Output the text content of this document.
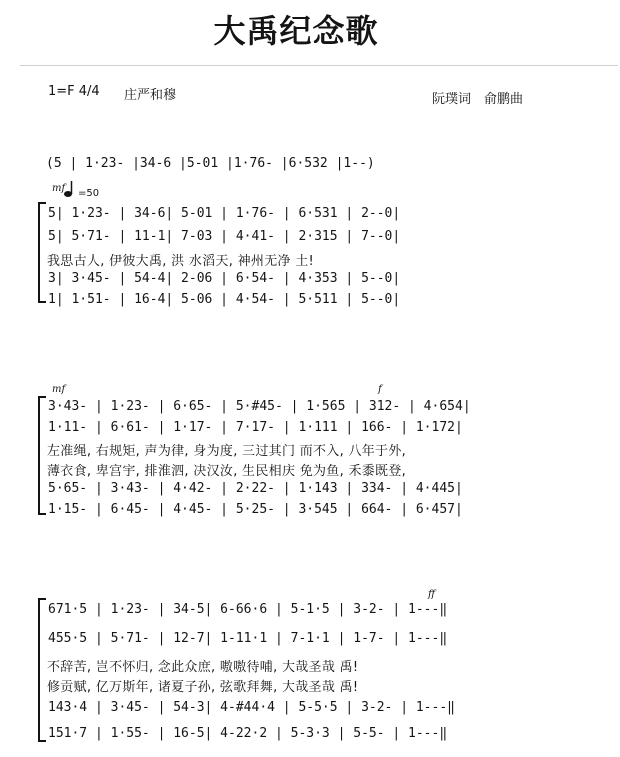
大禹纪念歌
1=F 4/4 庄严和穆	阮璞词　俞鹏曲
=50
(5 | 1·23- |34-6 |5-01 |1·76- |6·532 |1--)
mf
5| 1·23- | 34-6| 5-01 | 1·76- | 6·531 | 2--0|
5| 5·71- | 11-1| 7-03 | 4·41- | 2·315 | 7--0|
我思古人, 伊彼大禹, 洪 水滔天, 神州无净 土!
3| 3·45- | 54-4| 2-06 | 6·54- | 4·353 | 5--0|
1| 1·51- | 16-4| 5-06 | 4·54- | 5·511 | 5--0|
mf	f
3·43- | 1·23- | 6·65- | 5·#45- | 1·565 | 312- | 4·654|
1·11- | 6·61- | 1·17- | 7·17- | 1·111 | 166- | 1·172|
左准绳, 右规矩, 声为律, 身为度, 三过其门 而不入, 八年于外,
薄衣食, 卑宫宇, 排淮泗, 决汉汝, 生民相庆 免为鱼, 禾黍既登,
5·65- | 3·43- | 4·42- | 2·22- | 1·143 | 334- | 4·445|
1·15- | 6·45- | 4·45- | 5·25- | 3·545 | 664- | 6·457|
ff
671·5 | 1·23- | 34-5| 6-66·6 | 5-1·5 | 3-2- | 1---‖
455·5 | 5·71- | 12-7| 1-11·1 | 7-1·1 | 1-7- | 1---‖
不辞苦, 岂不怀归, 念此众庶, 嗷嗷待哺, 大哉圣哉 禹!
修贡赋, 亿万斯年, 诸夏子孙, 弦歌拜舞, 大哉圣哉 禹!
143·4 | 3·45- | 54-3| 4-#44·4 | 5-5·5 | 3-2- | 1---‖
151·7 | 1·55- | 16-5| 4-22·2 | 5-3·3 | 5-5- | 1---‖
